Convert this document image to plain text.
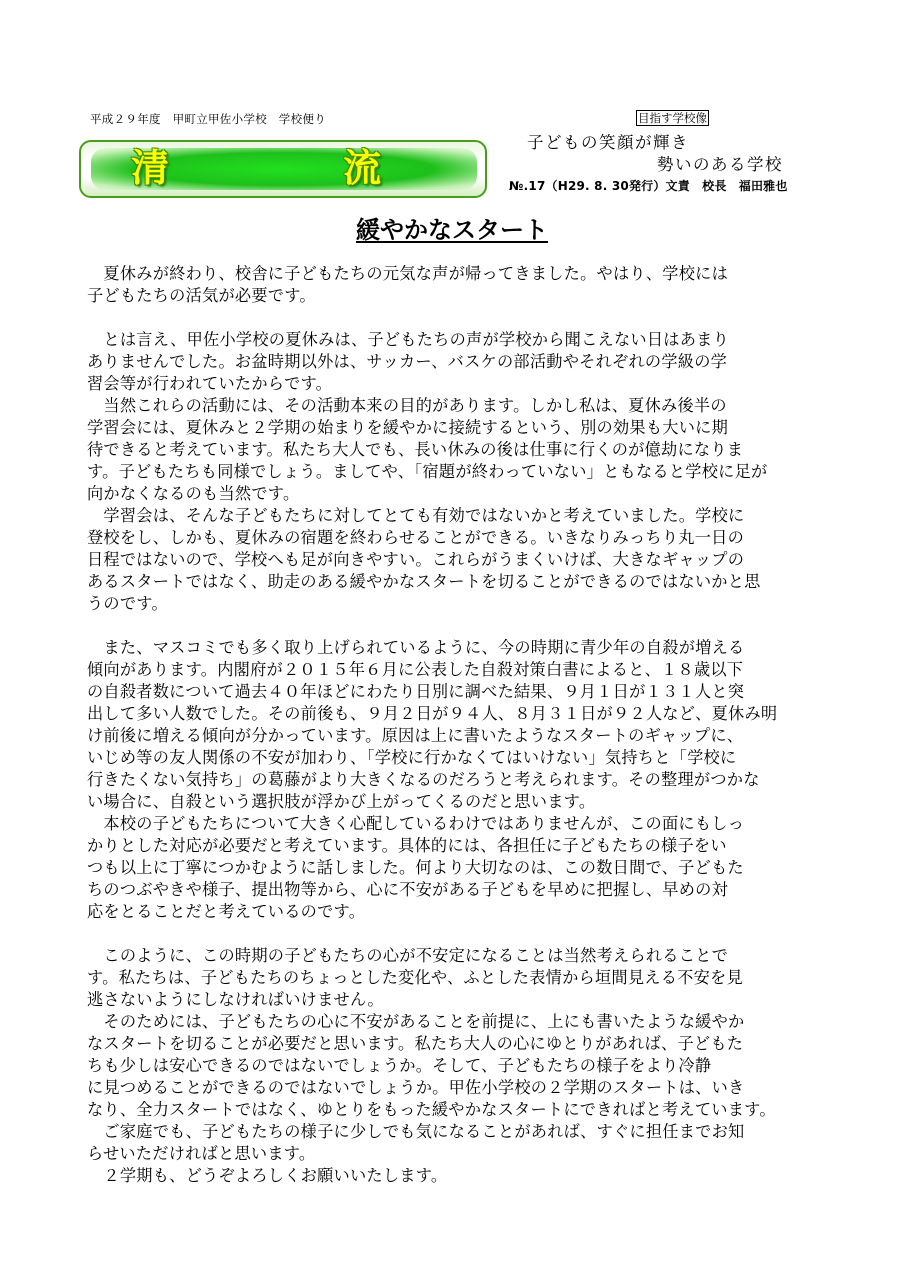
平成２９年度　甲町立甲佐小学校　学校便り
清	流
目指す学校像
子どもの笑顔が輝き
勢いのある学校
№.17（H29. 8. 30発行）文責　校長　福田雅也
緩やかなスタート

　夏休みが終わり、校舎に子どもたちの元気な声が帰ってきました。やはり、学校には
子どもたちの活気が必要です。

　とは言え、甲佐小学校の夏休みは、子どもたちの声が学校から聞こえない日はあまり
ありませんでした。お盆時期以外は、サッカー、バスケの部活動やそれぞれの学級の学
習会等が行われていたからです。

　当然これらの活動には、その活動本来の目的があります。しかし私は、夏休み後半の
学習会には、夏休みと２学期の始まりを緩やかに接続するという、別の効果も大いに期
待できると考えています。私たち大人でも、長い休みの後は仕事に行くのが億劫になりま
す。子どもたちも同様でしょう。ましてや、「宿題が終わっていない」ともなると学校に足が
向かなくなるのも当然です。

　学習会は、そんな子どもたちに対してとても有効ではないかと考えていました。学校に
登校をし、しかも、夏休みの宿題を終わらせることができる。いきなりみっちり丸一日の
日程ではないので、学校へも足が向きやすい。これらがうまくいけば、大きなギャップの
あるスタートではなく、助走のある緩やかなスタートを切ることができるのではないかと思
うのです。

　また、マスコミでも多く取り上げられているように、今の時期に青少年の自殺が増える
傾向があります。内閣府が２０１５年６月に公表した自殺対策白書によると、１８歳以下
の自殺者数について過去４０年ほどにわたり日別に調べた結果、９月１日が１３１人と突
出して多い人数でした。その前後も、９月２日が９４人、８月３１日が９２人など、夏休み明
け前後に増える傾向が分かっています。原因は上に書いたようなスタートのギャップに、
いじめ等の友人関係の不安が加わり、「学校に行かなくてはいけない」気持ちと「学校に
行きたくない気持ち」の葛藤がより大きくなるのだろうと考えられます。その整理がつかな
い場合に、自殺という選択肢が浮かび上がってくるのだと思います。

　本校の子どもたちについて大きく心配しているわけではありませんが、この面にもしっ
かりとした対応が必要だと考えています。具体的には、各担任に子どもたちの様子をい
つも以上に丁寧につかむように話しました。何より大切なのは、この数日間で、子どもた
ちのつぶやきや様子、提出物等から、心に不安がある子どもを早めに把握し、早めの対
応をとることだと考えているのです。

　このように、この時期の子どもたちの心が不安定になることは当然考えられることで
す。私たちは、子どもたちのちょっとした変化や、ふとした表情から垣間見える不安を見
逃さないようにしなければいけません。

　そのためには、子どもたちの心に不安があることを前提に、上にも書いたような緩やか
なスタートを切ることが必要だと思います。私たち大人の心にゆとりがあれば、子どもた
ちも少しは安心できるのではないでしょうか。そして、子どもたちの様子をより冷静
に見つめることができるのではないでしょうか。甲佐小学校の２学期のスタートは、いき
なり、全力スタートではなく、ゆとりをもった緩やかなスタートにできればと考えています。

　ご家庭でも、子どもたちの様子に少しでも気になることがあれば、すぐに担任までお知
らせいただければと思います。

　２学期も、どうぞよろしくお願いいたします。
